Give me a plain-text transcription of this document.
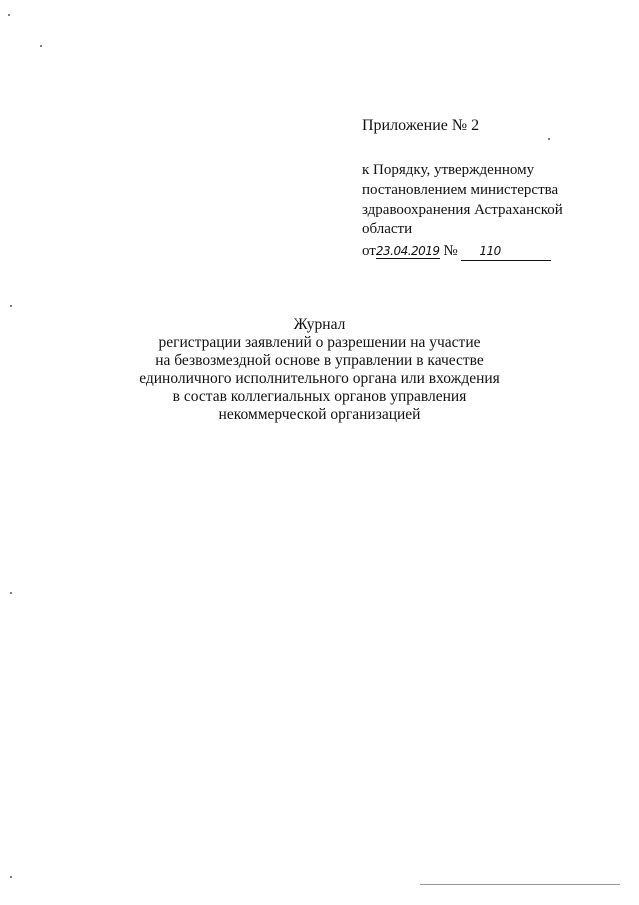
Приложение № 2
к Порядку, утвержденному
постановлением министерства
здравоохранения Астраханской
области
от23.04.2019 № 110
Журнал
регистрации заявлений о разрешении на участие
на безвозмездной основе в управлении в качестве
единоличного исполнительного органа или вхождения
в состав коллегиальных органов управления
некоммерческой организацией
